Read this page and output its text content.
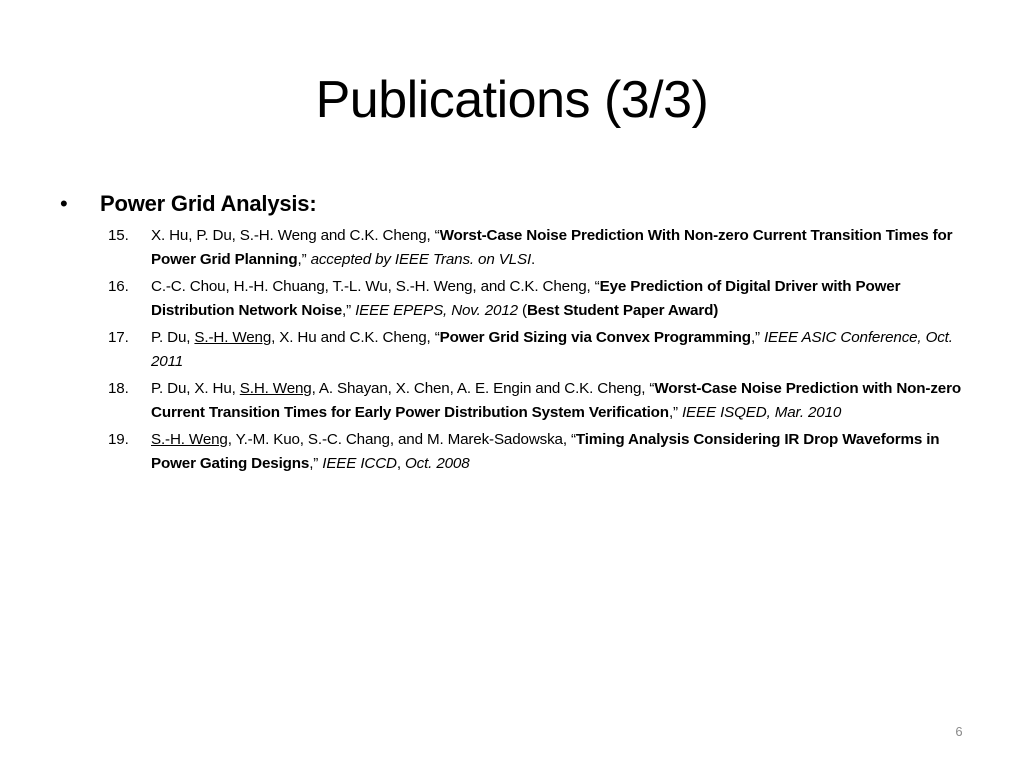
Publications (3/3)
•	Power Grid Analysis:
15.	X. Hu, P. Du, S.-H. Weng and C.K. Cheng, “Worst-Case Noise Prediction With Non-zero Current Transition Times for Power Grid Planning,” accepted by IEEE Trans. on VLSI.
16.	C.-C. Chou, H.-H. Chuang, T.-L. Wu, S.-H. Weng, and C.K. Cheng, “Eye Prediction of Digital Driver with Power Distribution Network Noise,” IEEE EPEPS, Nov. 2012 (Best Student Paper Award)
17.	P. Du, S.-H. Weng, X. Hu and C.K. Cheng, “Power Grid Sizing via Convex Programming,” IEEE ASIC Conference, Oct. 2011
18.	P. Du, X. Hu, S.H. Weng, A. Shayan, X. Chen, A. E. Engin and C.K. Cheng, “Worst-Case Noise Prediction with Non-zero Current Transition Times for Early Power Distribution System Verification,” IEEE ISQED, Mar. 2010
19.	S.-H. Weng, Y.-M. Kuo, S.-C. Chang, and M. Marek-Sadowska, “Timing Analysis Considering IR Drop Waveforms in Power Gating Designs,” IEEE ICCD, Oct. 2008
6
